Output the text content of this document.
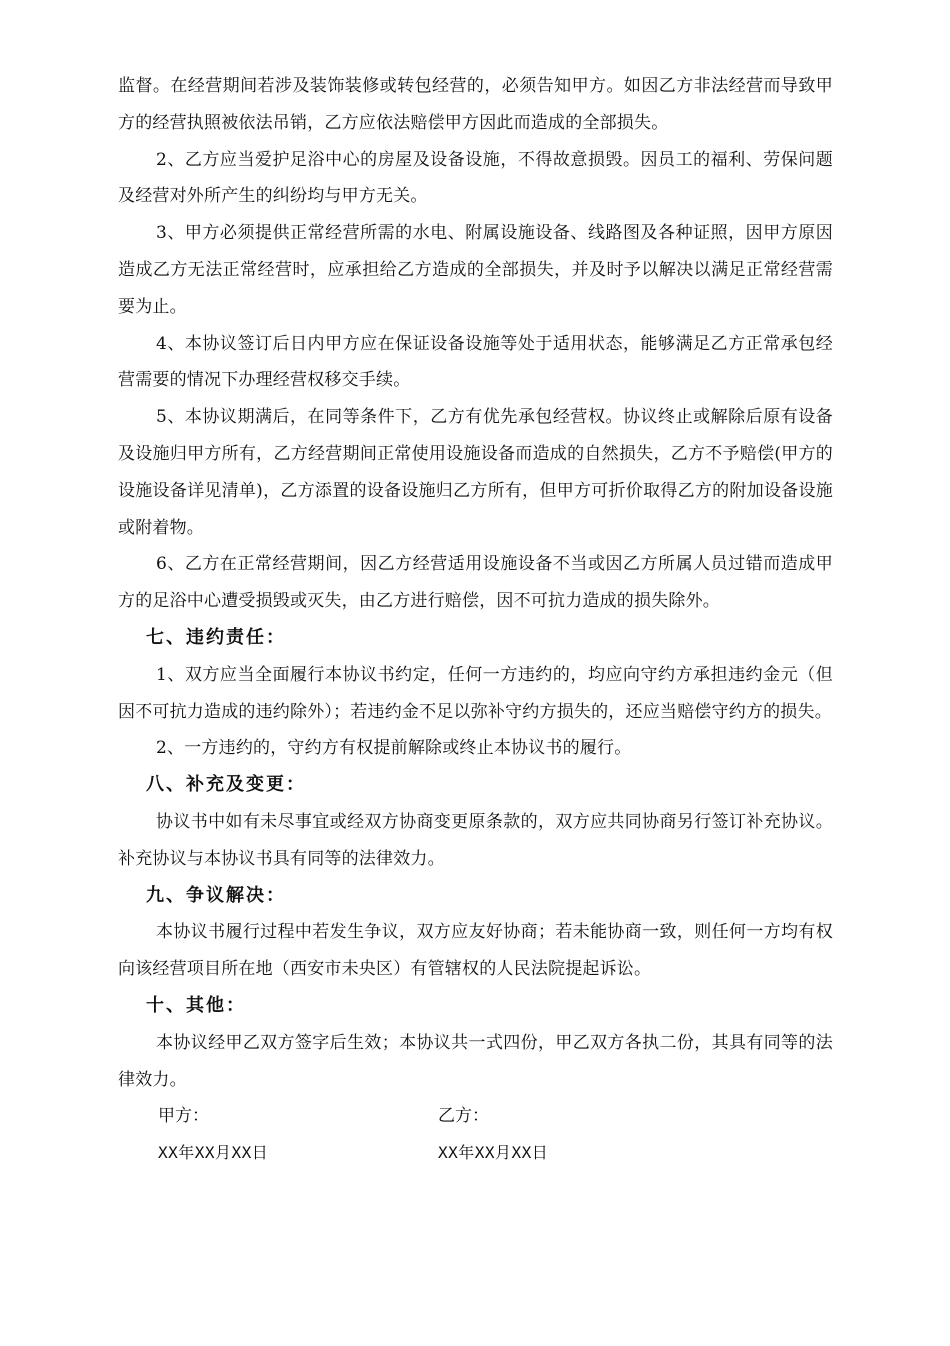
监督。在经营期间若涉及装饰装修或转包经营的，必须告知甲方。如因乙方非法经营而导致甲方的经营执照被依法吊销，乙方应依法赔偿甲方因此而造成的全部损失。

2、乙方应当爱护足浴中心的房屋及设备设施，不得故意损毁。因员工的福利、劳保问题及经营对外所产生的纠纷均与甲方无关。

3、甲方必须提供正常经营所需的水电、附属设施设备、线路图及各种证照，因甲方原因造成乙方无法正常经营时，应承担给乙方造成的全部损失，并及时予以解决以满足正常经营需要为止。

4、本协议签订后日内甲方应在保证设备设施等处于适用状态，能够满足乙方正常承包经营需要的情况下办理经营权移交手续。

5、本协议期满后，在同等条件下，乙方有优先承包经营权。协议终止或解除后原有设备及设施归甲方所有，乙方经营期间正常使用设施设备而造成的自然损失，乙方不予赔偿(甲方的设施设备详见清单)，乙方添置的设备设施归乙方所有，但甲方可折价取得乙方的附加设备设施或附着物。

6、乙方在正常经营期间，因乙方经营适用设施设备不当或因乙方所属人员过错而造成甲方的足浴中心遭受损毁或灭失，由乙方进行赔偿，因不可抗力造成的损失除外。

七、违约责任：

1、双方应当全面履行本协议书约定，任何一方违约的，均应向守约方承担违约金元（但因不可抗力造成的违约除外）；若违约金不足以弥补守约方损失的，还应当赔偿守约方的损失。

2、一方违约的，守约方有权提前解除或终止本协议书的履行。

八、补充及变更：

协议书中如有未尽事宜或经双方协商变更原条款的，双方应共同协商另行签订补充协议。补充协议与本协议书具有同等的法律效力。

九、争议解决：

本协议书履行过程中若发生争议，双方应友好协商；若未能协商一致，则任何一方均有权向该经营项目所在地（西安市未央区）有管辖权的人民法院提起诉讼。

十、其他：

本协议经甲乙双方签字后生效；本协议共一式四份，甲乙双方各执二份，其具有同等的法律效力。

甲方：	乙方：
XX年XX月XX日	XX年XX月XX日
